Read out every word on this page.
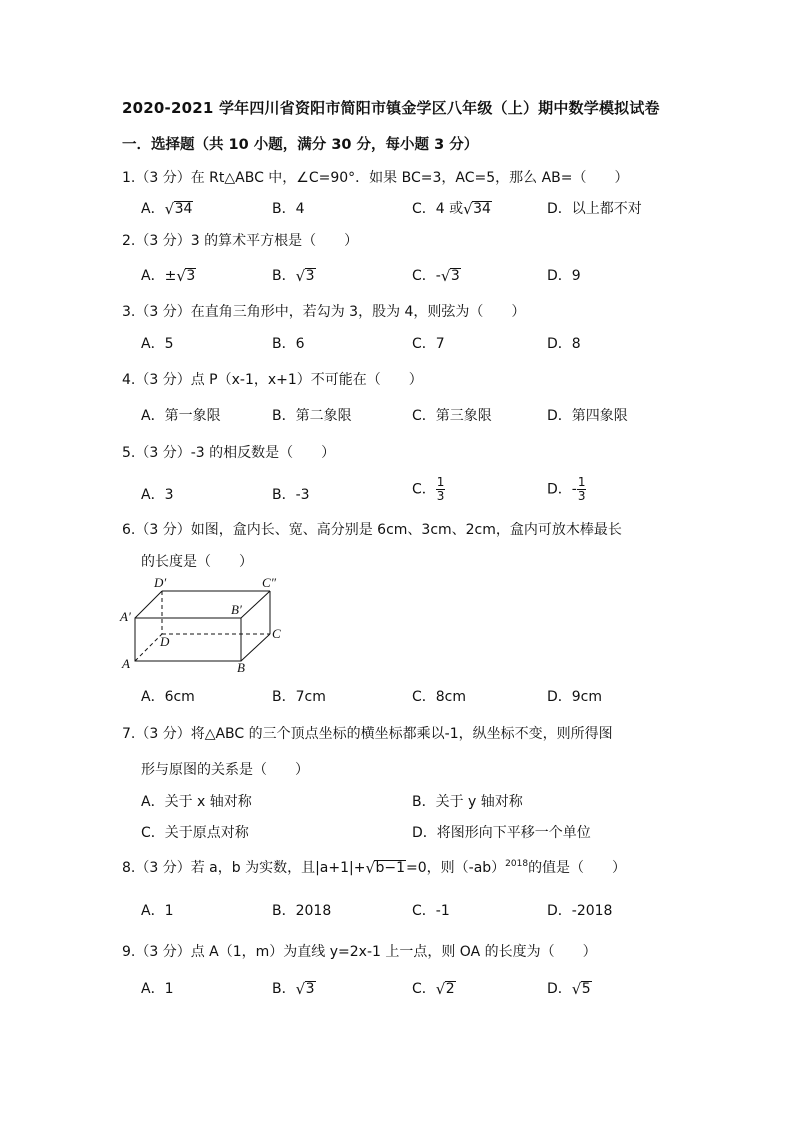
2020-2021 学年四川省资阳市简阳市镇金学区八年级（上）期中数学模拟试卷
一．选择题（共 10 小题，满分 30 分，每小题 3 分）
1.（3 分）在 Rt△ABC 中，∠C=90°．如果 BC=3，AC=5，那么 AB=（　　）
A． √ 34	B．4	C．4 或 √ 34	D．以上都不对
2.（3 分）3 的算术平方根是（　　）
A．± √ 3	B． √ 3	C．- √ 3	D．9
3.（3 分）在直角三角形中，若勾为 3，股为 4，则弦为（　　）
A．5	B．6	C．7	D．8
4.（3 分）点 P（x-1，x+1）不可能在（　　）
A．第一象限	B．第二象限	C．第三象限	D．第四象限
5.（3 分）-3 的相反数是（　　）
A．3	B．-3	C． $\frac{1}{3}$	D．- $\frac{1}{3}$
6.（3 分）如图，盒内长、宽、高分别是 6cm、3cm、2cm，盒内可放木棒最长
的长度是（　　）
D′	C″
A′	B′
D
C
A	B
A．6cm	B．7cm	C．8cm	D．9cm
7.（3 分）将△ABC 的三个顶点坐标的横坐标都乘以-1，纵坐标不变，则所得图
形与原图的关系是（　　）
A．关于 x 轴对称	B．关于 y 轴对称
C．关于原点对称	D．将图形向下平移一个单位
8.（3 分）若 a，b 为实数，且|a+1|+ √ b−1=0，则$(-ab)^{2018}$的值是（　　）
A．1	B．2018	C．-1	D．-2018
9.（3 分）点 A（1，m）为直线 y=2x-1 上一点，则 OA 的长度为（　　）
A．1	B． √ 3	C． √ 2	D． √ 5
